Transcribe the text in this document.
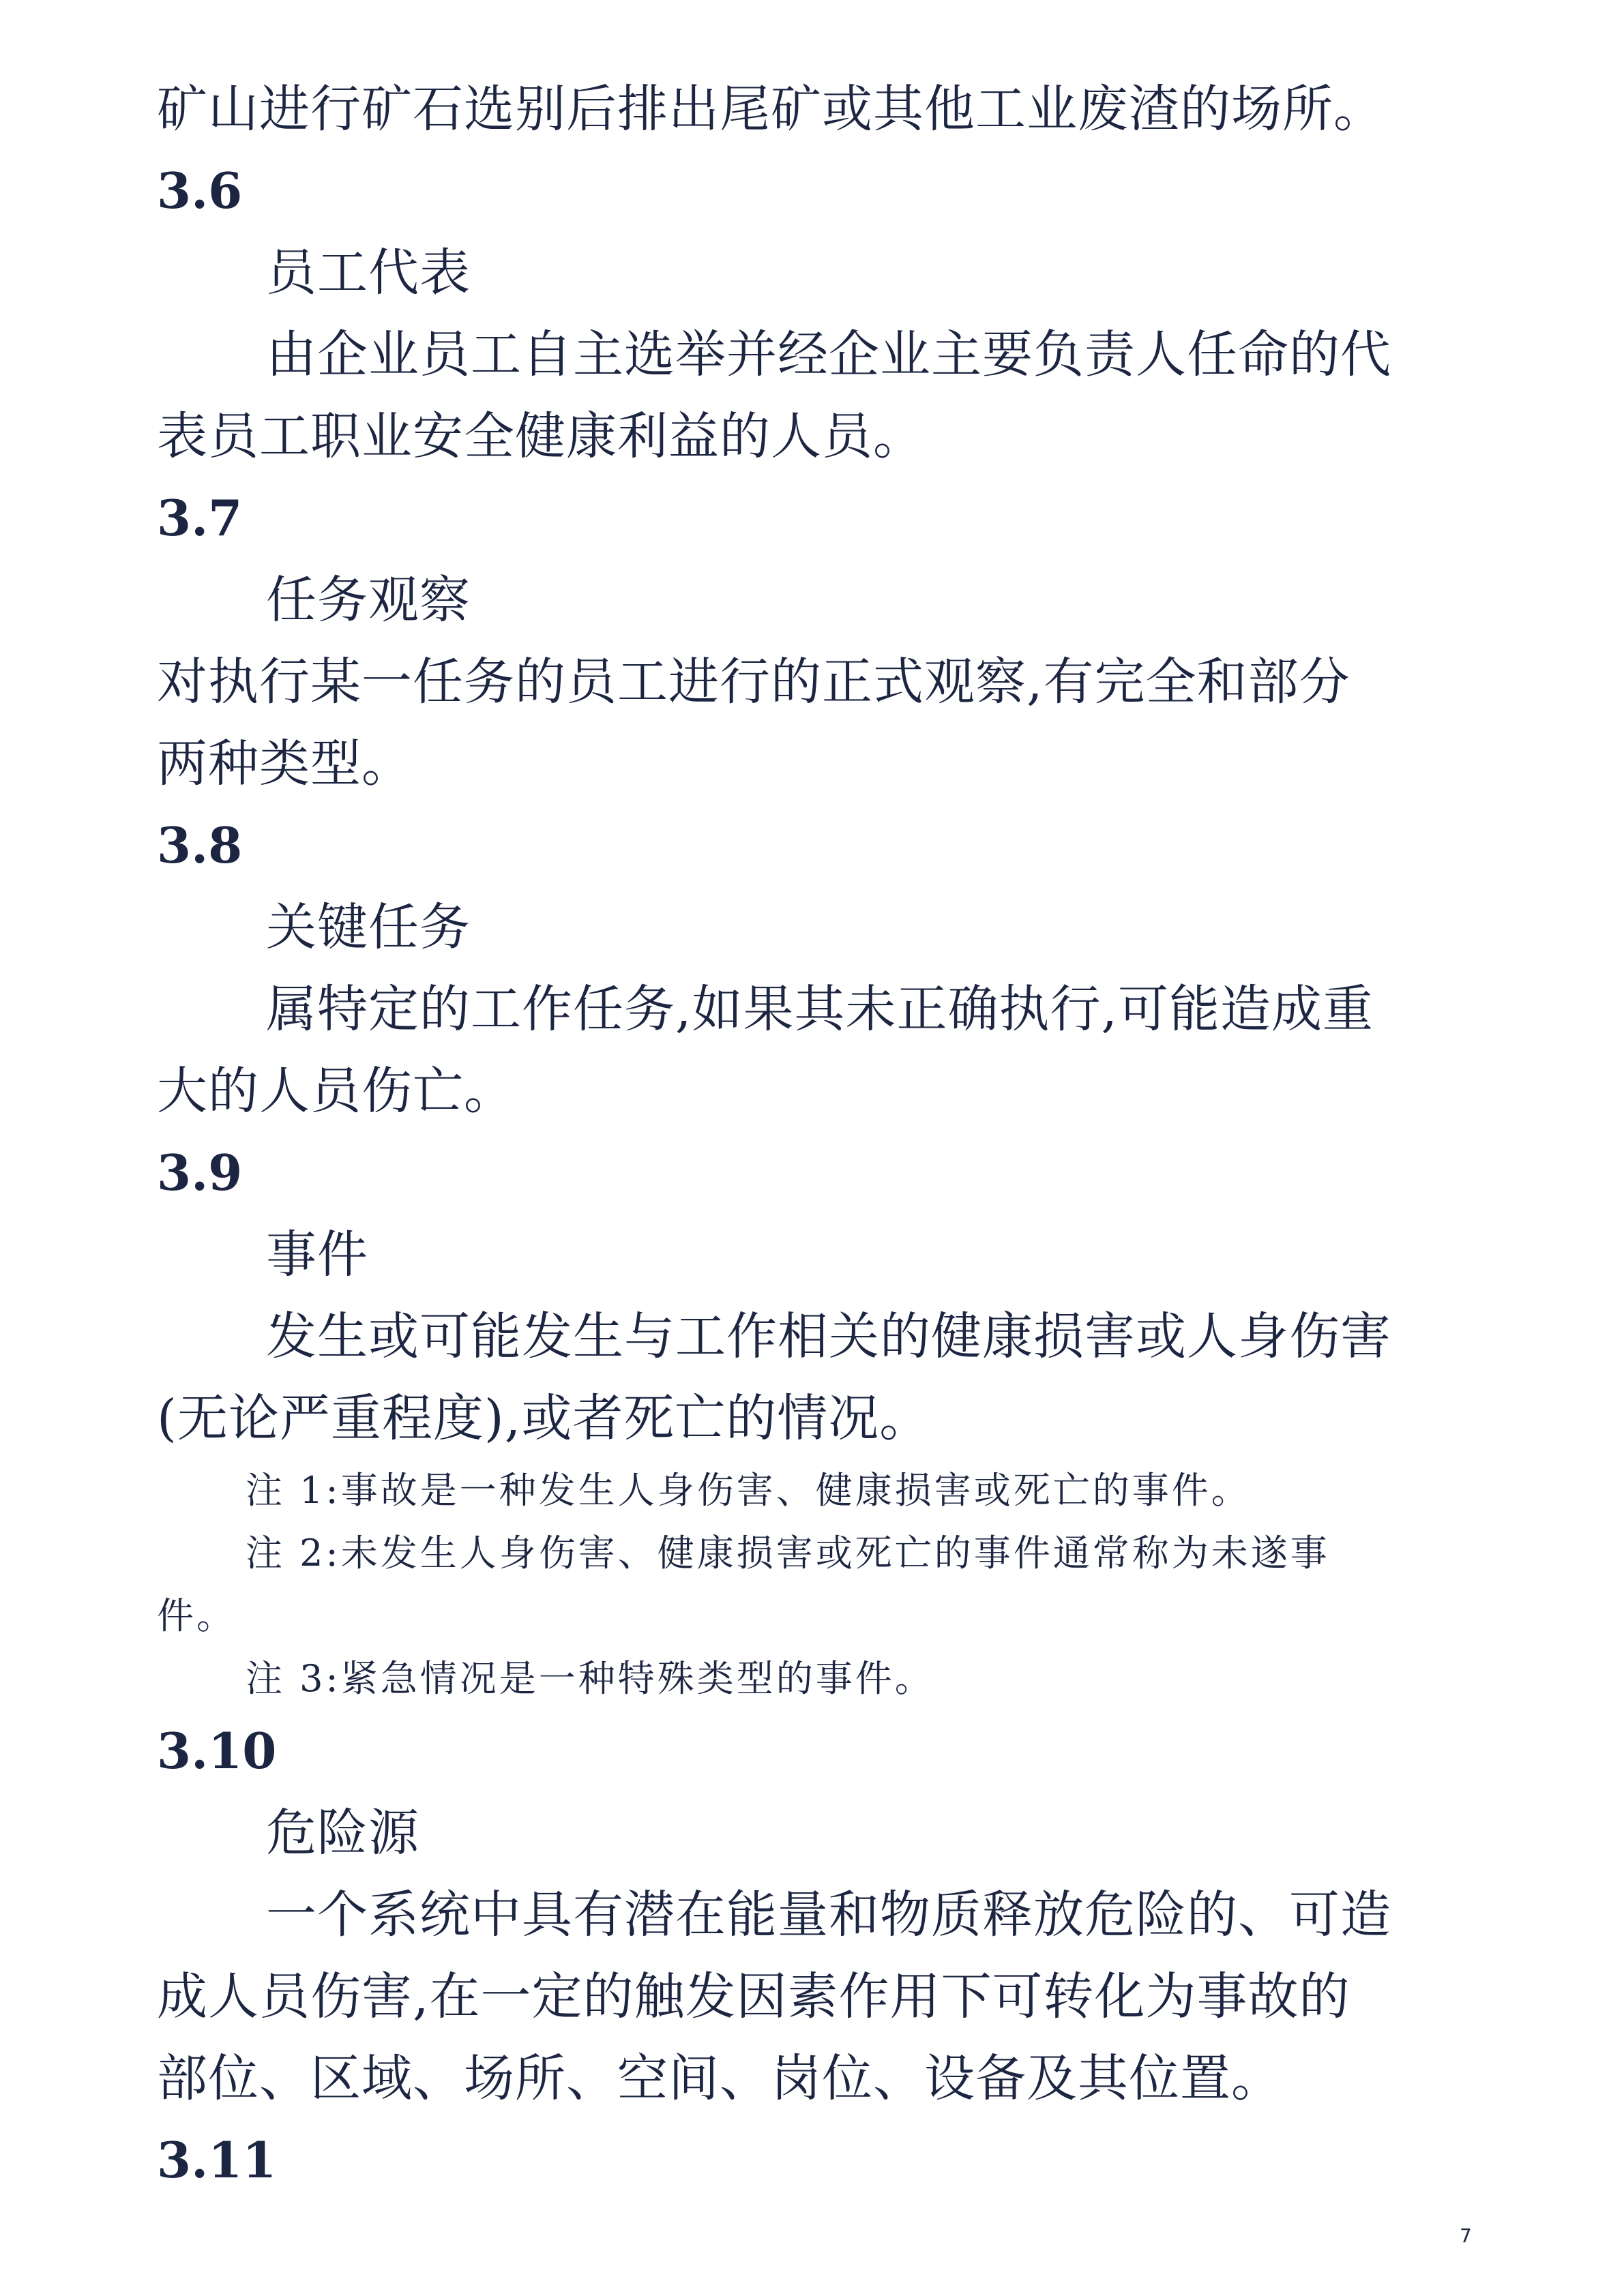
矿山进行矿石选别后排出尾矿或其他工业废渣的场所。
3.6
员工代表
由企业员工自主选举并经企业主要负责人任命的代
表员工职业安全健康利益的人员。
3.7
任务观察
对执行某一任务的员工进行的正式观察,有完全和部分
两种类型。
3.8
关键任务
属特定的工作任务,如果其未正确执行,可能造成重
大的人员伤亡。
3.9
事件
发生或可能发生与工作相关的健康损害或人身伤害
(无论严重程度),或者死亡的情况。
注 1:事故是一种发生人身伤害、健康损害或死亡的事件。
注 2:未发生人身伤害、健康损害或死亡的事件通常称为未遂事
件。
注 3:紧急情况是一种特殊类型的事件。
3.10
危险源
一个系统中具有潜在能量和物质释放危险的、可造
成人员伤害,在一定的触发因素作用下可转化为事故的
部位、区域、场所、空间、岗位、设备及其位置。
3.11
7
